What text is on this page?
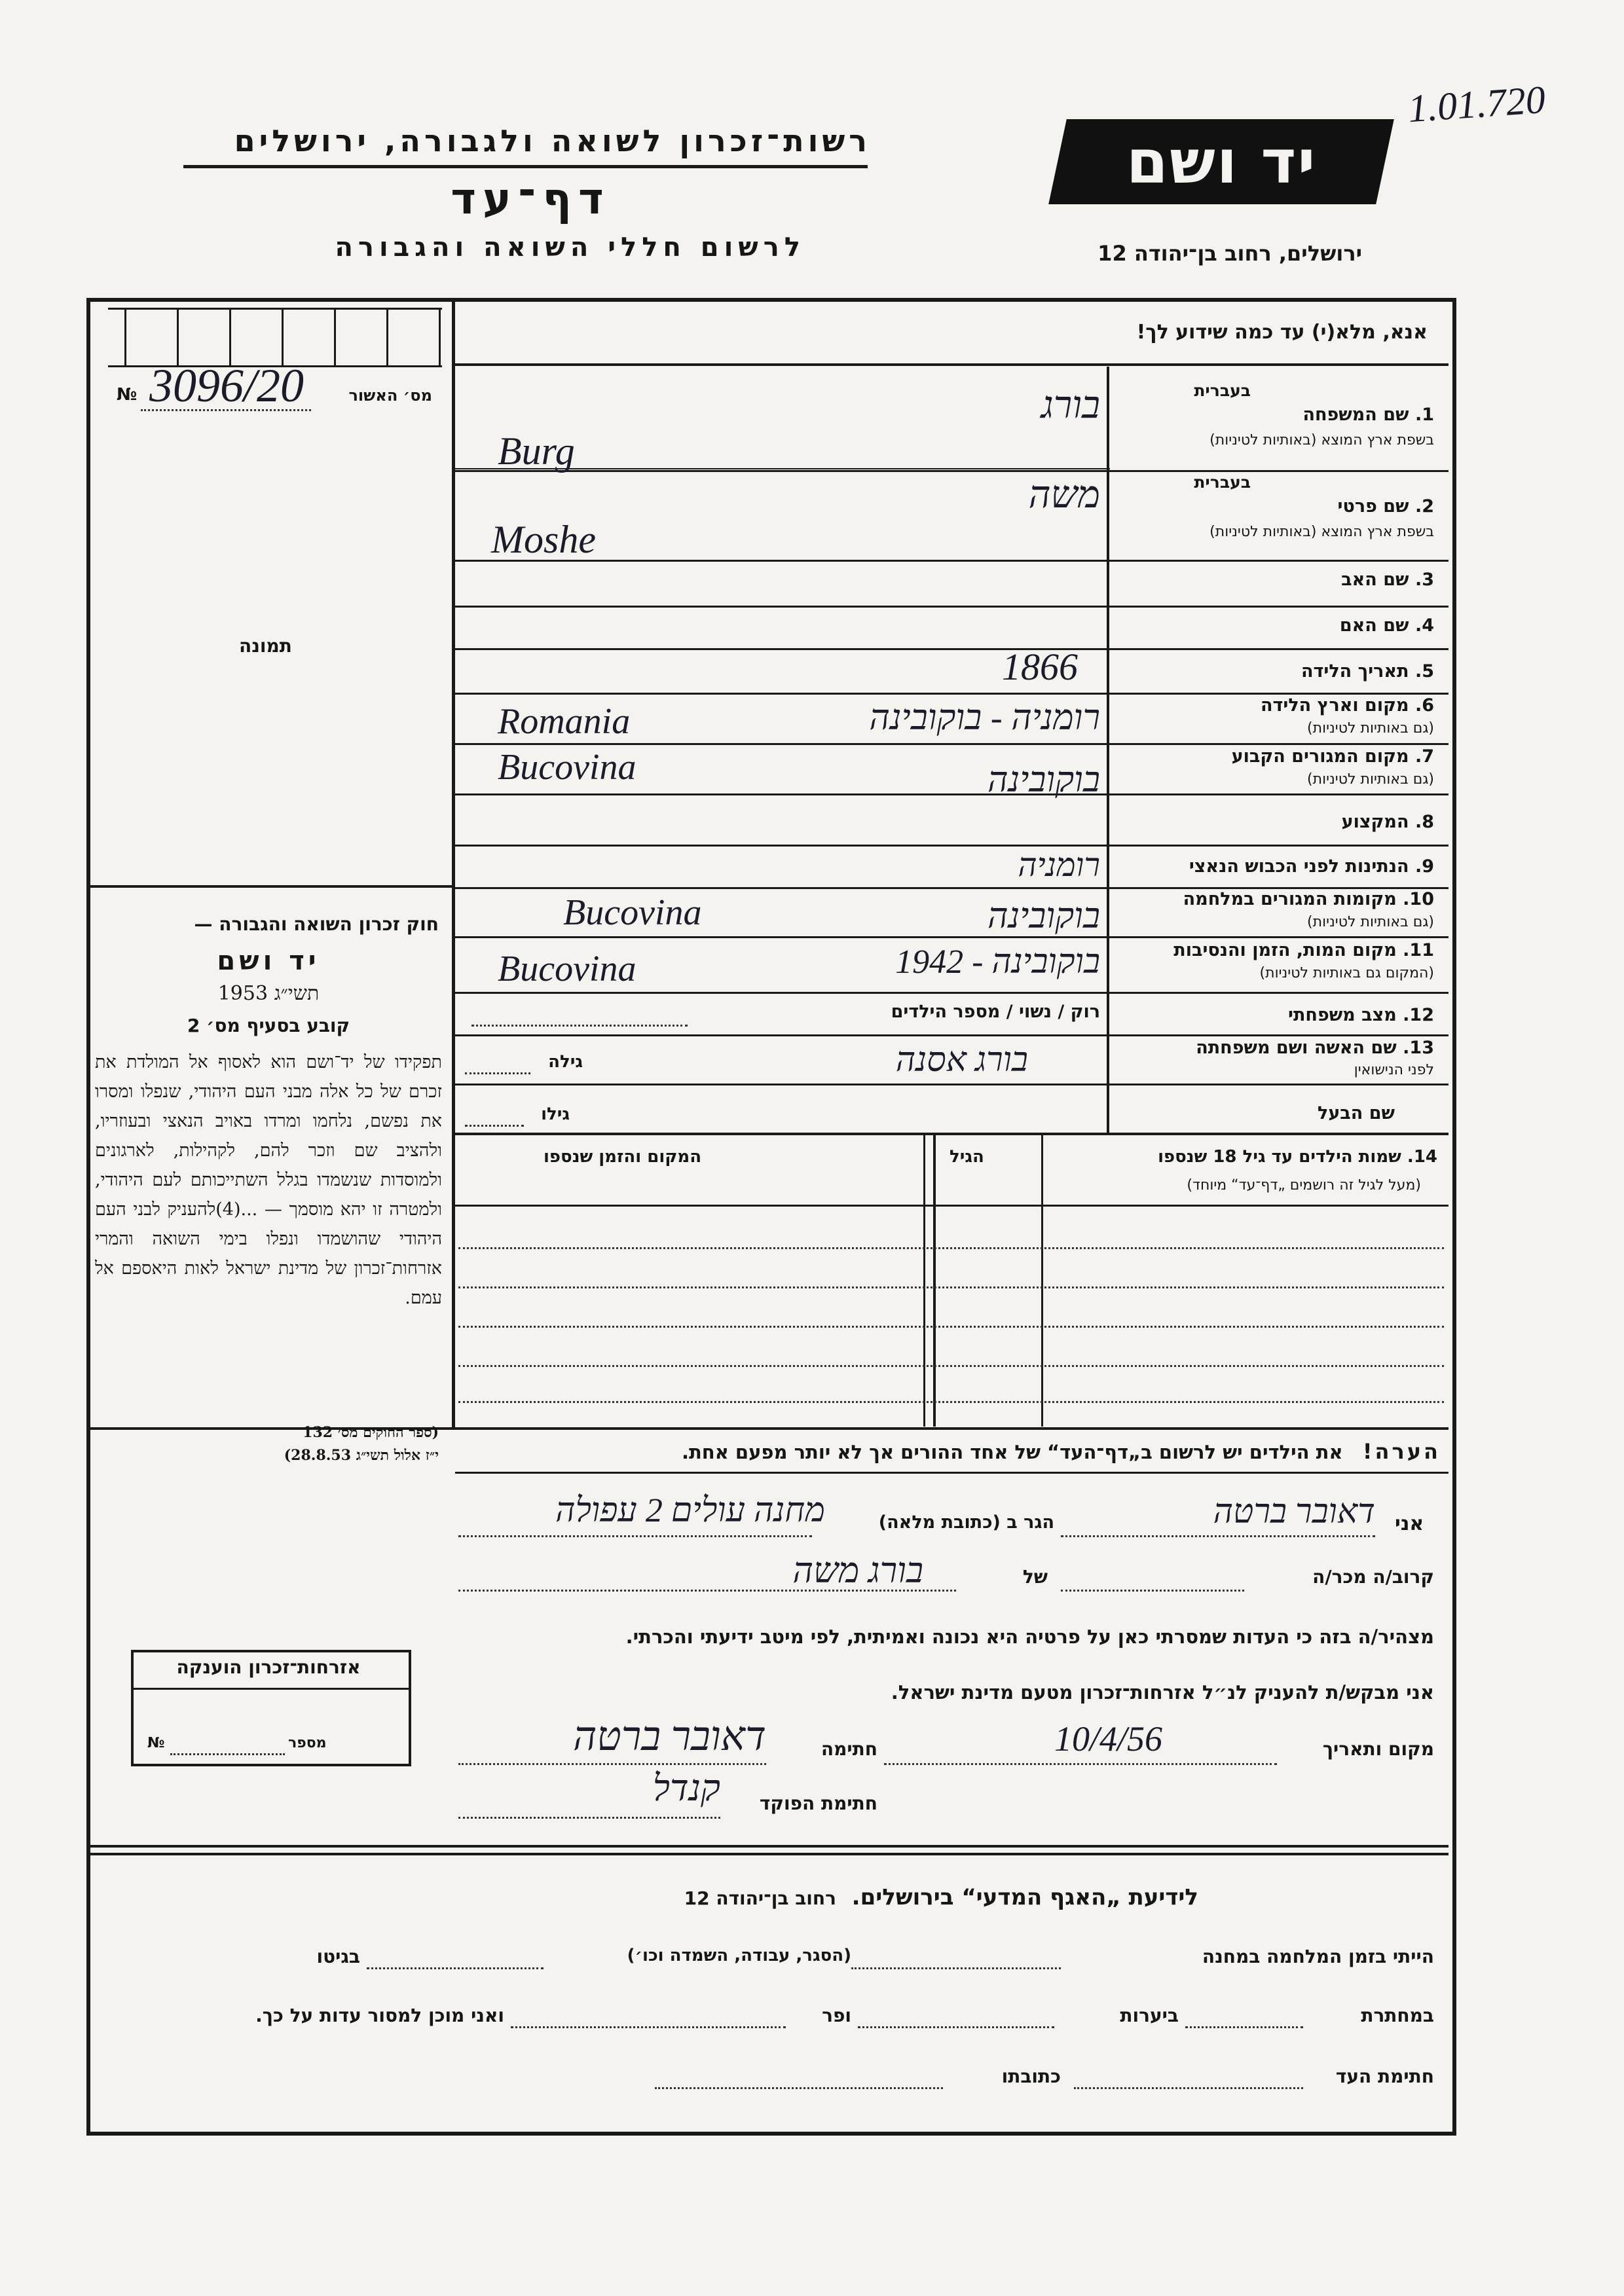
1.01.720
יד ושם
רשות־זכרון לשואה ולגבורה, ירושלים
דף־עד
לרשום חללי השואה והגבורה	ירושלים, רחוב בן־יהודה 12
№ 3096/20	מס׳ האשור
תמונה
אנא, מלא(י) עד כמה שידוע לך!
בעברית
1. שם המשפחה
בשפת ארץ המוצא (באותיות לטיניות)
בורג
Burg
בעברית
2. שם פרטי
בשפת ארץ המוצא (באותיות לטיניות)
משה
Moshe
3. שם האב
4. שם האם
5. תאריך הלידה
1866
6. מקום וארץ הלידה
(גם באותיות לטיניות)
רומניה - בוקובינה
Romania
7. מקום המגורים הקבוע
(גם באותיות לטיניות)
בוקובינה
Bucovina
8. המקצוע
9. הנתינות לפני הכבוש הנאצי
רומניה
10. מקומות המגורים במלחמה
(גם באותיות לטיניות)
בוקובינה
Bucovina
11. מקום המות, הזמן והנסיבות
(המקום גם באותיות לטיניות)
בוקובינה - 1942
Bucovina
12. מצב משפחתי
רוק / נשוי / מספר הילדים
13. שם האשה ושם משפחתה
לפני הנישואין
גילה	בורג אסנה
שם הבעל
גילו
14. שמות הילדים עד גיל 18 שנספו
(מעל לגיל זה רושמים „דף־עד“ מיוחד)
הגיל
המקום והזמן שנספו
חוק זכרון השואה והגבורה —
יד ושם
תשי״ג 1953
קובע בסעיף מס׳ 2
תפקידו של יד־ושם הוא לאסוף אל המולדת את זכרם של כל אלה מבני העם היהודי, שנפלו ומסרו את נפשם, נלחמו ומרדו באויב הנאצי ובעוזריו, ולהציב שם וזכר להם, לקהילות, לארגונים ולמוסדות שנשמדו בגלל השתייכותם לעם היהודי, ולמטרה זו יהא מוסמך — ...(4)להעניק לבני העם היהודי שהושמדו ונפלו בימי השואה והמרי אזרחות־זכרון של מדינת ישראל לאות היאספם אל עמם.
(ספר החוקים מס׳ 132
י״ז אלול תשי״ג 28.8.53)
אזרחות־זכרון הוענקה
מספר
№
הערה!   את הילדים יש לרשום ב„דף־העד“ של אחד ההורים אך לא יותר מפעם אחת.
אני
דאובר ברטה
הגר ב (כתובת מלאה)
מחנה עולים 2 עפולה
קרוב/ה מכר/ה
של
בורג משה
מצהיר/ה בזה כי העדות שמסרתי כאן על פרטיה היא נכונה ואמיתית, לפי מיטב ידיעתי והכרתי.
אני מבקש/ת להעניק לנ״ל אזרחות־זכרון מטעם מדינת ישראל.
מקום ותאריך
10/4/56
חתימה
דאובר ברטה
חתימת הפוקד
קנדל
לידיעת „האגף המדעי“ בירושלים.  רחוב בן־יהודה 12
הייתי בזמן המלחמה במחנה
(הסגר, עבודה, השמדה וכו׳)
בגיטו
במחתרת
ביערות
ופר
ואני מוכן למסור עדות על כך.
חתימת העד
כתובתו
